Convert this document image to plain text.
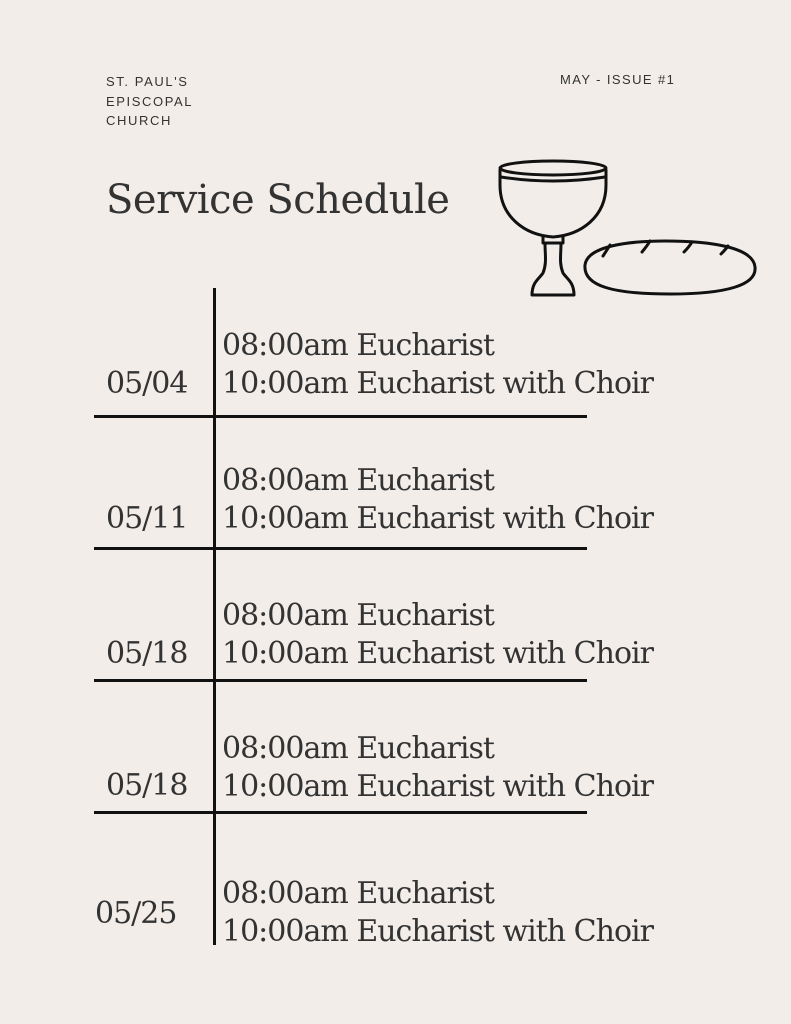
ST. PAUL'S
EPISCOPAL
CHURCH
MAY - ISSUE #1
Service Schedule
05/04
08:00am Eucharist
10:00am Eucharist with Choir
05/11
08:00am Eucharist
10:00am Eucharist with Choir
05/18
08:00am Eucharist
10:00am Eucharist with Choir
05/18
08:00am Eucharist
10:00am Eucharist with Choir
05/25
08:00am Eucharist
10:00am Eucharist with Choir
